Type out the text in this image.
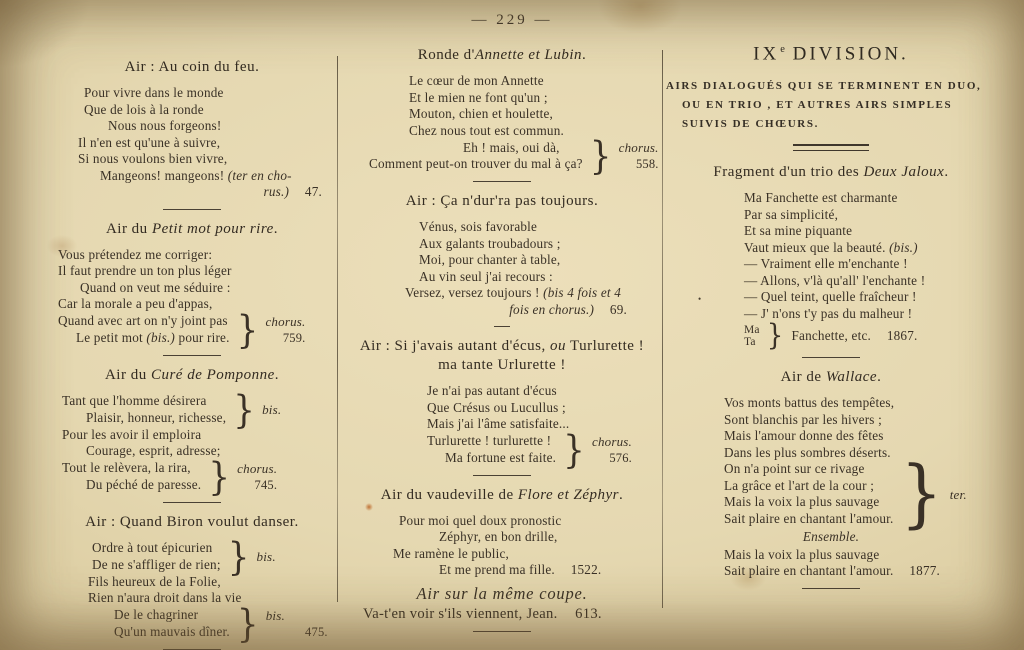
— 229 —
Air : Au coin du feu.
Pour vivre dans le monde
Que de lois à la ronde
Nous nous forgeons!
Il n'en est qu'une à suivre,
Si nous voulons bien vivre,
Mangeons! mangeons! (ter en cho-
rus.) 47.
Air du Petit mot pour rire.
Vous prétendez me corriger:
Il faut prendre un ton plus léger
Quand on veut me séduire :
Car la morale a peu d'appas,
Quand avec art on n'y joint pas
Le petit mot (bis.) pour rire. } chorus.
759.
Air du Curé de Pomponne.
Tant que l'homme désirera
Plaisir, honneur, richesse, } bis.
Pour les avoir il emploira
Courage, esprit, adresse;
Tout le relèvera, la rira,
Du péché de paresse. } chorus.
745.
Air : Quand Biron voulut danser.
Ordre à tout épicurien
De ne s'affliger de rien; } bis.
Fils heureux de la Folie,
Rien n'aura droit dans la vie
De le chagriner
Qu'un mauvais dîner. } bis.
475.
Ronde d'Annette et Lubin.
Le cœur de mon Annette
Et le mien ne font qu'un ;
Mouton, chien et houlette,
Chez nous tout est commun.
Eh ! mais, oui dà,
Comment peut-on trouver du mal à ça? } chorus.
558.
Air : Ça n'dur'ra pas toujours.
Vénus, sois favorable
Aux galants troubadours ;
Moi, pour chanter à table,
Au vin seul j'ai recours :
Versez, versez toujours ! (bis 4 fois et 4
fois en chorus.) 69.
Air : Si j'avais autant d'écus, ou Turlurette !
ma tante Urlurette !
Je n'ai pas autant d'écus
Que Crésus ou Lucullus ;
Mais j'ai l'âme satisfaite...
Turlurette ! turlurette !
Ma fortune est faite. } chorus.
576.
Air du vaudeville de Flore et Zéphyr.
Pour moi quel doux pronostic
Zéphyr, en bon drille,
Me ramène le public,
Et me prend ma fille. 1522.
Air sur la même coupe.
Va-t'en voir s'ils viennent, Jean. 613.
IXe DIVISION.
AIRS DIALOGUÉS QUI SE TERMINENT EN DUO,
OU EN TRIO , ET AUTRES AIRS SIMPLES
SUIVIS DE CHŒURS.
Fragment d'un trio des Deux Jaloux.
Ma Fanchette est charmante
Par sa simplicité,
Et sa mine piquante
Vaut mieux que la beauté. (bis.)
— Vraiment elle m'enchante !
— Allons, v'là qu'all' l'enchante !
• — Quel teint, quelle fraîcheur !
— J' n'ons t'y pas du malheur !
Ma
Ta } Fanchette, etc. 1867.
Air de Wallace.
Vos monts battus des tempêtes,
Sont blanchis par les hivers ;
Mais l'amour donne des fêtes
Dans les plus sombres déserts.
On n'a point sur ce rivage
La grâce et l'art de la cour ;
Mais la voix la plus sauvage
Sait plaire en chantant l'amour. } ter.
Ensemble.
Mais la voix la plus sauvage
Sait plaire en chantant l'amour. 1877.
